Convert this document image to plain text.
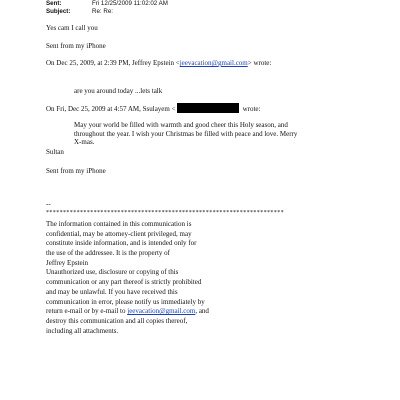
Sent:	Fri 12/25/2009 11:02:02 AM
Subject:	Re: Re:
Yes cam I call you
Sent from my iPhone
On Dec 25, 2009, at 2:39 PM, Jeffrey Epstein <jeevacation@gmail.com> wrote:
are you around today ...lets talk
On Fri, Dec 25, 2009 at 4:57 AM, Ssulayem <	wrote:
May your world be filled with warmth and good cheer this Holy season, and
throughout the year. I wish your Christmas be filled with peace and love. Merry
X-mas.
Sultan
Sent from my iPhone
--
**********************************************************************
The information contained in this communication is
confidential, may be attorney-client privileged, may
constitute inside information, and is intended only for
the use of the addressee. It is the property of
Jeffrey Epstein
Unauthorized use, disclosure or copying of this
communication or any part thereof is strictly prohibited
and may be unlawful. If you have received this
communication in error, please notify us immediately by
return e-mail or by e-mail to jeevacation@gmail.com, and
destroy this communication and all copies thereof,
including all attachments.
